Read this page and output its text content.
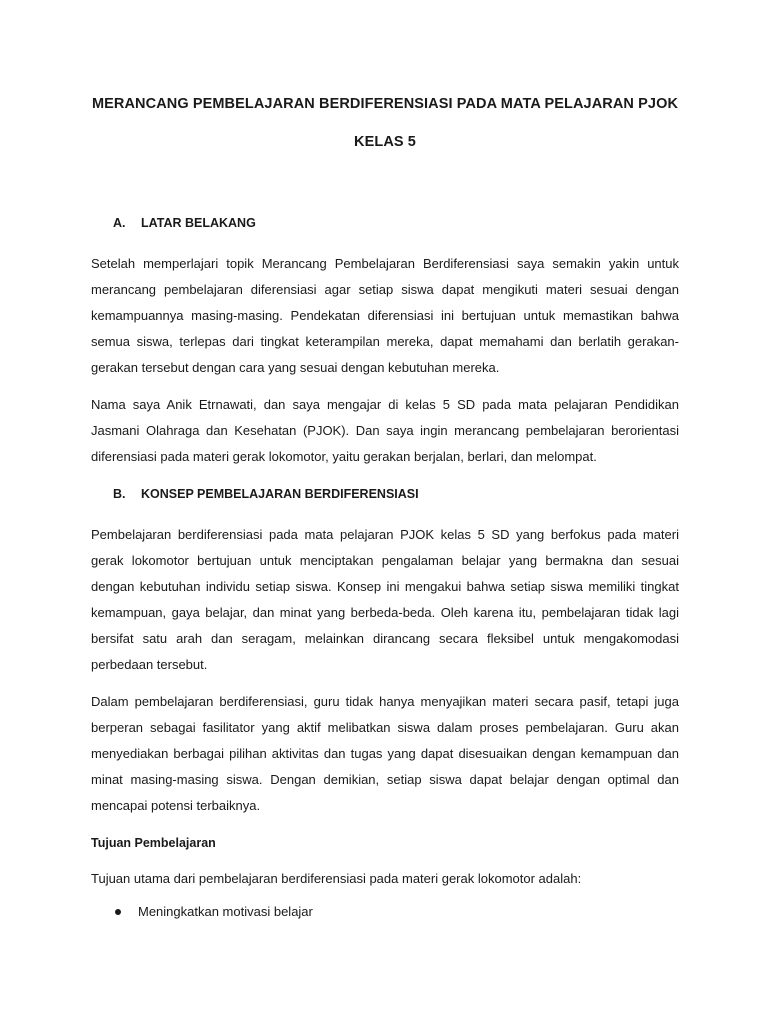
MERANCANG PEMBELAJARAN BERDIFERENSIASI PADA MATA PELAJARAN PJOK

KELAS 5

A.	LATAR BELAKANG

Setelah memperlajari topik Merancang Pembelajaran Berdiferensiasi saya semakin yakin untuk merancang pembelajaran diferensiasi agar setiap siswa dapat mengikuti materi sesuai dengan kemampuannya masing-masing. Pendekatan diferensiasi ini bertujuan untuk memastikan bahwa semua siswa, terlepas dari tingkat keterampilan mereka, dapat memahami dan berlatih gerakan-gerakan tersebut dengan cara yang sesuai dengan kebutuhan mereka.

Nama saya Anik Etrnawati, dan saya mengajar di kelas 5 SD pada mata pelajaran Pendidikan Jasmani Olahraga dan Kesehatan (PJOK). Dan saya ingin merancang pembelajaran berorientasi diferensiasi pada materi gerak lokomotor, yaitu gerakan berjalan, berlari, dan melompat.

B.	KONSEP PEMBELAJARAN BERDIFERENSIASI

Pembelajaran berdiferensiasi pada mata pelajaran PJOK kelas 5 SD yang berfokus pada materi gerak lokomotor bertujuan untuk menciptakan pengalaman belajar yang bermakna dan sesuai dengan kebutuhan individu setiap siswa. Konsep ini mengakui bahwa setiap siswa memiliki tingkat kemampuan, gaya belajar, dan minat yang berbeda-beda. Oleh karena itu, pembelajaran tidak lagi bersifat satu arah dan seragam, melainkan dirancang secara fleksibel untuk mengakomodasi perbedaan tersebut.

Dalam pembelajaran berdiferensiasi, guru tidak hanya menyajikan materi secara pasif, tetapi juga berperan sebagai fasilitator yang aktif melibatkan siswa dalam proses pembelajaran. Guru akan menyediakan berbagai pilihan aktivitas dan tugas yang dapat disesuaikan dengan kemampuan dan minat masing-masing siswa. Dengan demikian, setiap siswa dapat belajar dengan optimal dan mencapai potensi terbaiknya.

Tujuan Pembelajaran

Tujuan utama dari pembelajaran berdiferensiasi pada materi gerak lokomotor adalah:

Meningkatkan motivasi belajar
